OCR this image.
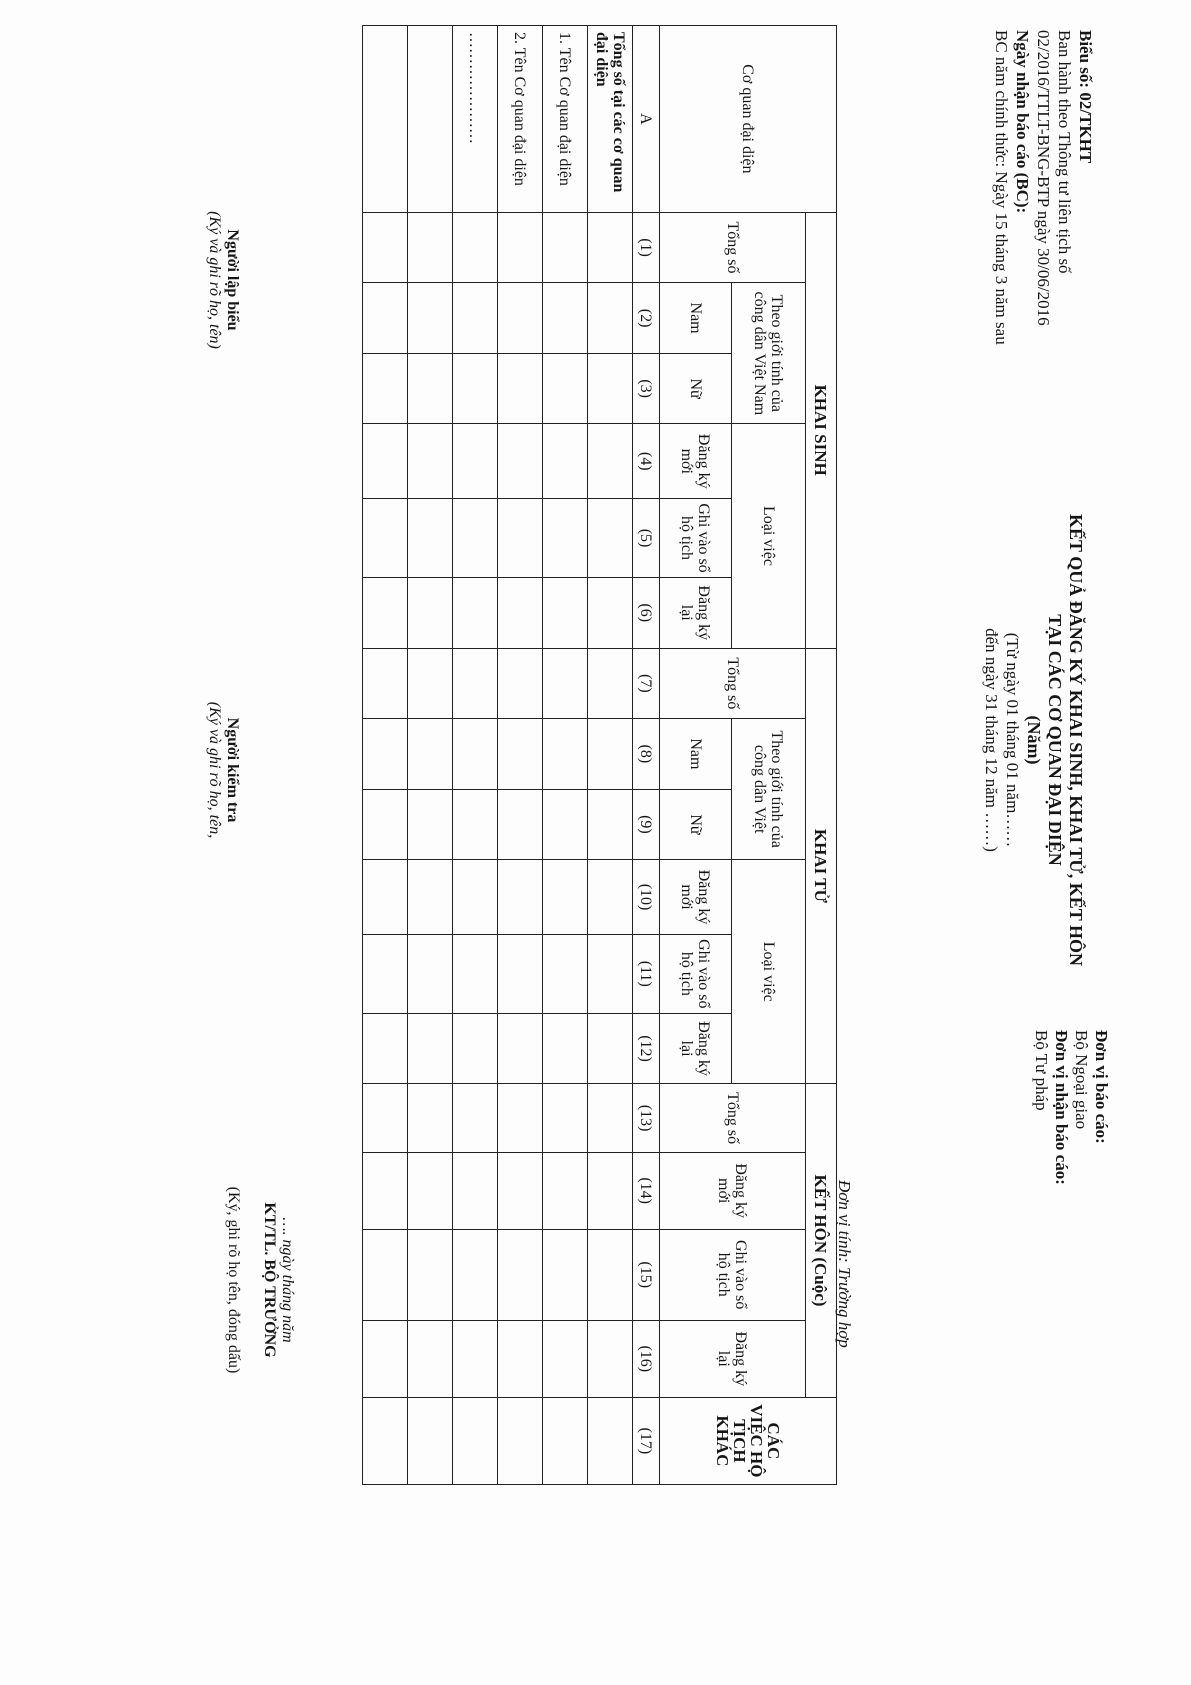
Biểu số: 02/TKHT
Ban hành theo Thông tư liên tịch số
02/2016/TTLT-BNG-BTP ngày 30/06/2016
Ngày nhận báo cáo (BC):
BC năm chính thức: Ngày 15 tháng 3 năm sau
KẾT QUẢ ĐĂNG KÝ KHAI SINH, KHAI TỬ, KẾT HÔN
TẠI CÁC CƠ QUAN ĐẠI DIỆN
(Năm)
(Từ ngày 01 tháng 01 năm……
đến ngày 31 tháng 12 năm ……)
Đơn vị báo cáo:
Bộ Ngoại giao
Đơn vị nhận báo cáo:
Bộ Tư pháp
Đơn vị tính: Trường hợp
Cơ quan đại diện	KHAI SINH						KHAI TỬ						KẾT HÔN (Cuộc)				CÁC VIỆC HỘ TỊCH KHÁC
	Tổng số	Theo giới tính của công dân Việt Nam		Loại việc			Tổng số	Theo giới tính của công dân Việt		Loại việc			Tổng số	Đăng ký mới	Ghi vào sổ hộ tịch	Đăng ký lại	
		Nam	Nữ	Đăng ký mới	Ghi vào sổ hộ tịch	Đăng ký lại		Nam	Nữ	Đăng ký mới	Ghi vào sổ hộ tịch	Đăng ký lại					
A	(1)	(2)	(3)	(4)	(5)	(6)	(7)	(8)	(9)	(10)	(11)	(12)	(13)	(14)	(15)	(16)	(17)
Tổng số tại các cơ quan đại diện																	
1. Tên Cơ quan đại diện																	
2. Tên Cơ quan đại diện																	
…………………																	

Người lập biểu
(Ký và ghi rõ họ, tên)
Người kiểm tra
(Ký và ghi rõ họ, tên,
…. ngày tháng năm
KT/TL. BỘ TRƯỞNG
(Ký, ghi rõ họ tên, đóng dấu)
